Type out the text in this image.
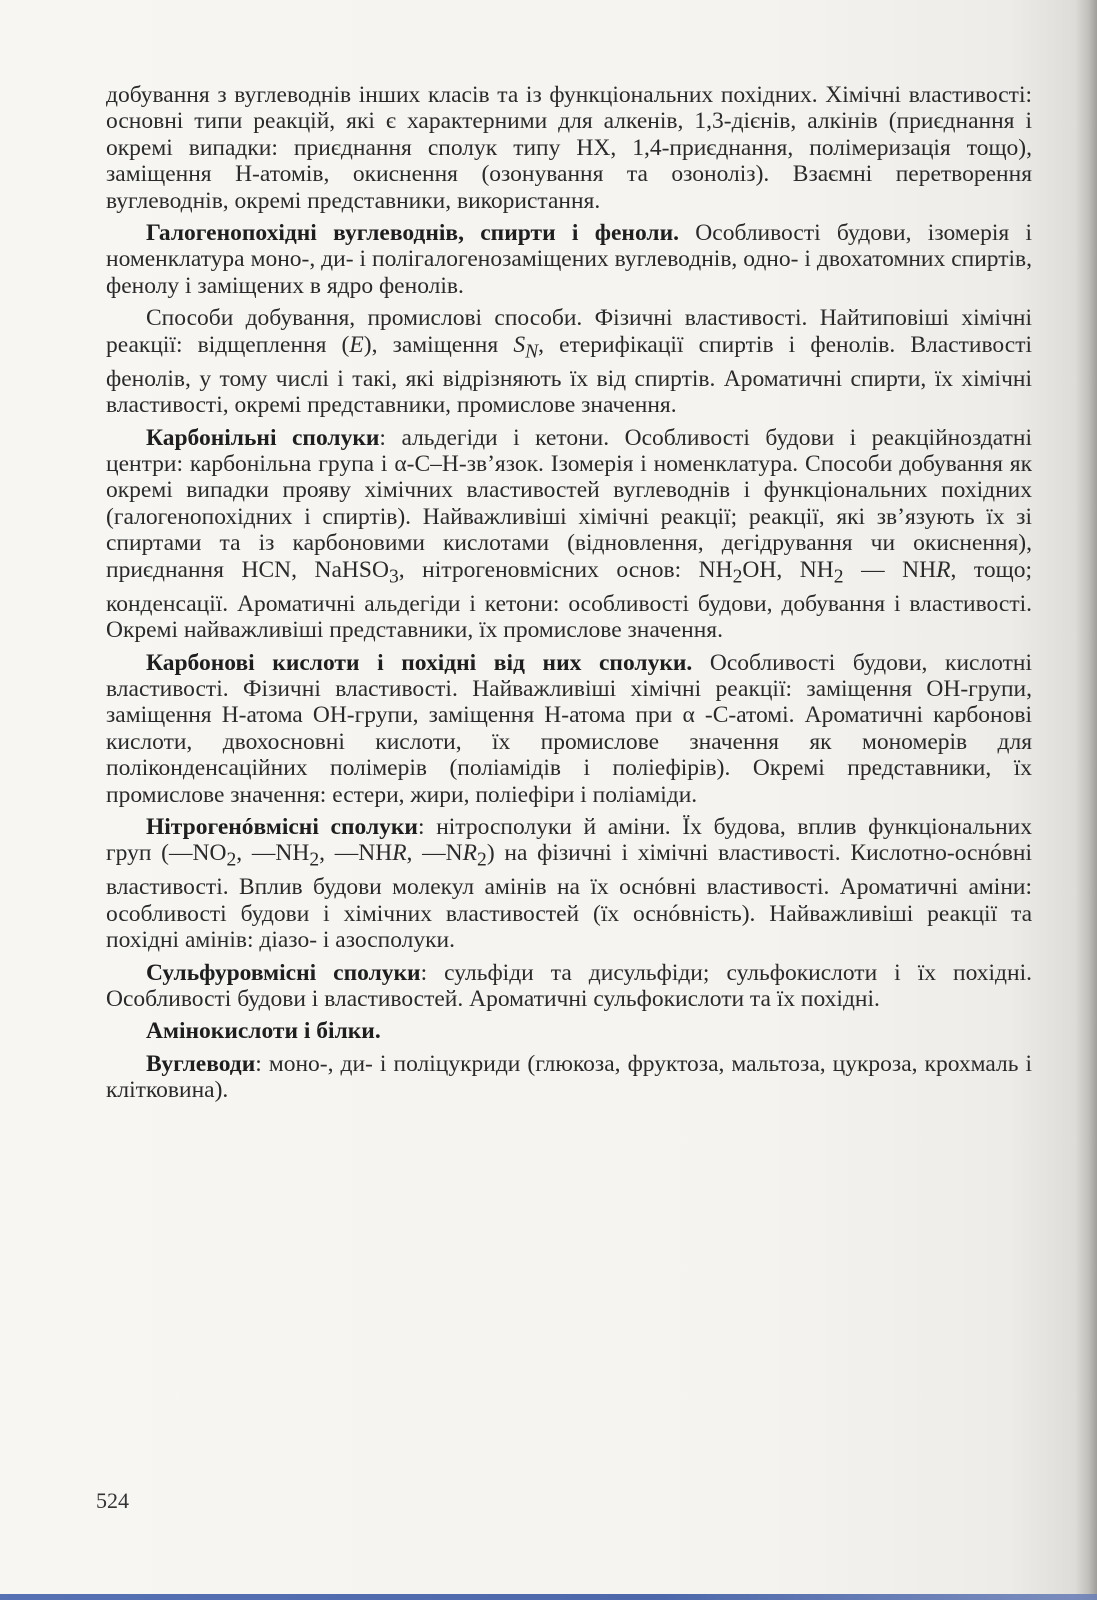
добування з вуглеводнів інших класів та із функціональних похідних. Хімічні властивості: основні типи реакцій, які є характерними для алкенів, 1,3-дієнів, алкінів (приєднання і окремі випадки: приєднання сполук типу НХ, 1,4-приєднання, полімеризація тощо), заміщення Н-атомів, окиснення (озонування та озоноліз). Взаємні перетворення вуглеводнів, окремі представники, використання.

Галогенопохідні вуглеводнів, спирти і феноли. Особливості будови, ізомерія і номенклатура моно-, ди- і полігалогенозаміщених вуглеводнів, одно- і двохатомних спиртів, фенолу і заміщених в ядро фенолів.

Способи добування, промислові способи. Фізичні властивості. Найтиповіші хімічні реакції: відщеплення (E), заміщення $S_N$, етерифікації спиртів і фенолів. Властивості фенолів, у тому числі і такі, які відрізняють їх від спиртів. Ароматичні спирти, їх хімічні властивості, окремі представники, промислове значення.

Карбонільні сполуки: альдегіди і кетони. Особливості будови і реакційноздатні центри: карбонільна група і α-С–Н-зв’язок. Ізомерія і номенклатура. Способи добування як окремі випадки прояву хімічних властивостей вуглеводнів і функціональних похідних (галогенопохідних і спиртів). Найважливіші хімічні реакції; реакції, які зв’язують їх зі спиртами та із карбоновими кислотами (відновлення, дегідрування чи окиснення), приєднання HCN, NaHSO$_3$, нітрогеновмісних основ: $NH_2OH$, $NH_2$ — NHR, тощо; конденсації. Ароматичні альдегіди і кетони: особливості будови, добування і властивості. Окремі найважливіші представники, їх промислове значення.

Карбонові кислоти і похідні від них сполуки. Особливості будови, кислотні властивості. Фізичні властивості. Найважливіші хімічні реакції: заміщення ОН-групи, заміщення Н-атома ОН-групи, заміщення Н-атома при α -С-атомі. Ароматичні карбонові кислоти, двохосновні кислоти, їх промислове значення як мономерів для поліконденсаційних полімерів (поліамідів і поліефірів). Окремі представники, їх промислове значення: естери, жири, поліефіри і поліаміди.

Нітрогенóвмісні сполуки: нітросполуки й аміни. Їх будова, вплив функціональних груп ($—NO_2$, $—NH_2$, —NHR, $—NR_2$) на фізичні і хімічні властивості. Кислотно-оснóвні властивості. Вплив будови молекул амінів на їх оснóвні властивості. Ароматичні аміни: особливості будови і хімічних властивостей (їх оснóвність). Найважливіші реакції та похідні амінів: діазо- і азосполуки.

Сульфуровмісні сполуки: сульфіди та дисульфіди; сульфокислоти і їх похідні. Особливості будови і властивостей. Ароматичні сульфокислоти та їх похідні.

Амінокислоти і білки.

Вуглеводи: моно-, ди- і поліцукриди (глюкоза, фруктоза, мальтоза, цукроза, крохмаль і клітковина).

524
